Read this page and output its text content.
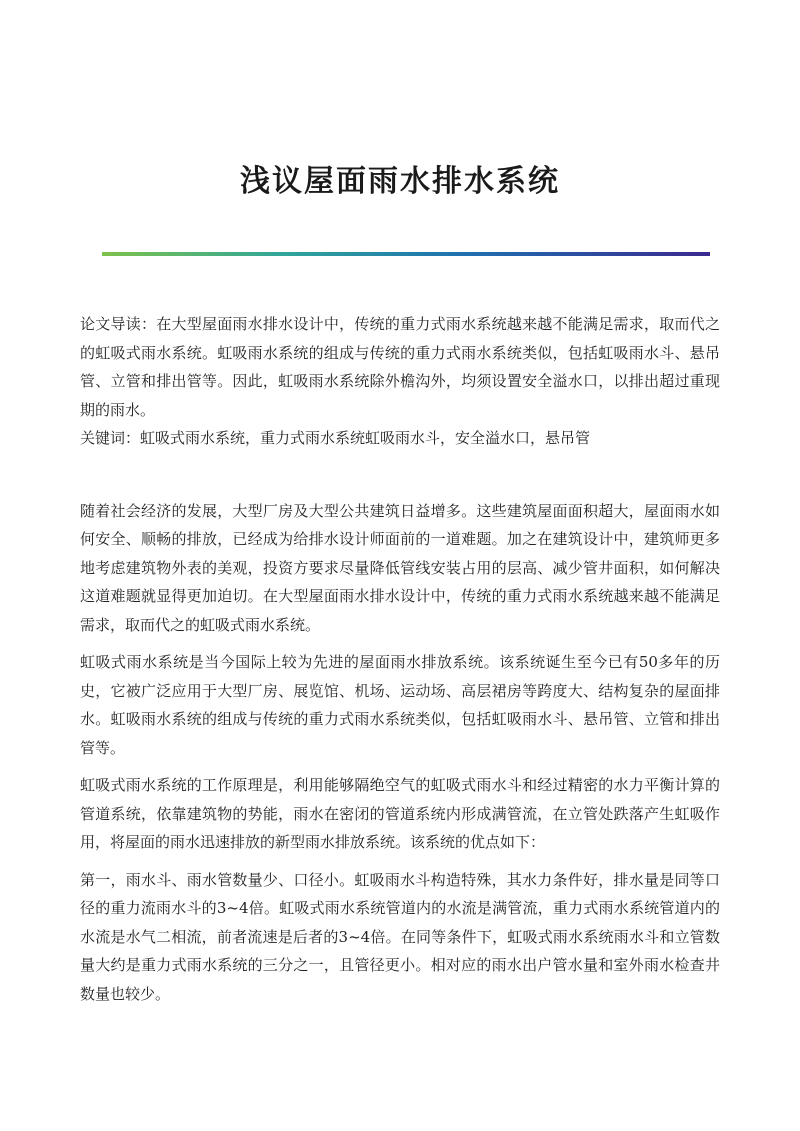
浅议屋面雨水排水系统

论文导读：在大型屋面雨水排水设计中，传统的重力式雨水系统越来越不能满足需求，取而代之的虹吸式雨水系统。虹吸雨水系统的组成与传统的重力式雨水系统类似，包括虹吸雨水斗、悬吊管、立管和排出管等。因此，虹吸雨水系统除外檐沟外，均须设置安全溢水口，以排出超过重现期的雨水。

关键词：虹吸式雨水系统，重力式雨水系统虹吸雨水斗，安全溢水口，悬吊管

随着社会经济的发展，大型厂房及大型公共建筑日益增多。这些建筑屋面面积超大，屋面雨水如何安全、顺畅的排放，已经成为给排水设计师面前的一道难题。加之在建筑设计中，建筑师更多地考虑建筑物外表的美观，投资方要求尽量降低管线安装占用的层高、减少管井面积，如何解决这道难题就显得更加迫切。在大型屋面雨水排水设计中，传统的重力式雨水系统越来越不能满足需求，取而代之的虹吸式雨水系统。

虹吸式雨水系统是当今国际上较为先进的屋面雨水排放系统。该系统诞生至今已有50多年的历史，它被广泛应用于大型厂房、展览馆、机场、运动场、高层裙房等跨度大、结构复杂的屋面排水。虹吸雨水系统的组成与传统的重力式雨水系统类似，包括虹吸雨水斗、悬吊管、立管和排出管等。

虹吸式雨水系统的工作原理是，利用能够隔绝空气的虹吸式雨水斗和经过精密的水力平衡计算的管道系统，依靠建筑物的势能，雨水在密闭的管道系统内形成满管流，在立管处跌落产生虹吸作用，将屋面的雨水迅速排放的新型雨水排放系统。该系统的优点如下：

第一，雨水斗、雨水管数量少、口径小。虹吸雨水斗构造特殊，其水力条件好，排水量是同等口径的重力流雨水斗的3~4倍。虹吸式雨水系统管道内的水流是满管流，重力式雨水系统管道内的水流是水气二相流，前者流速是后者的3~4倍。在同等条件下，虹吸式雨水系统雨水斗和立管数量大约是重力式雨水系统的三分之一，且管径更小。相对应的雨水出户管水量和室外雨水检查井数量也较少。
